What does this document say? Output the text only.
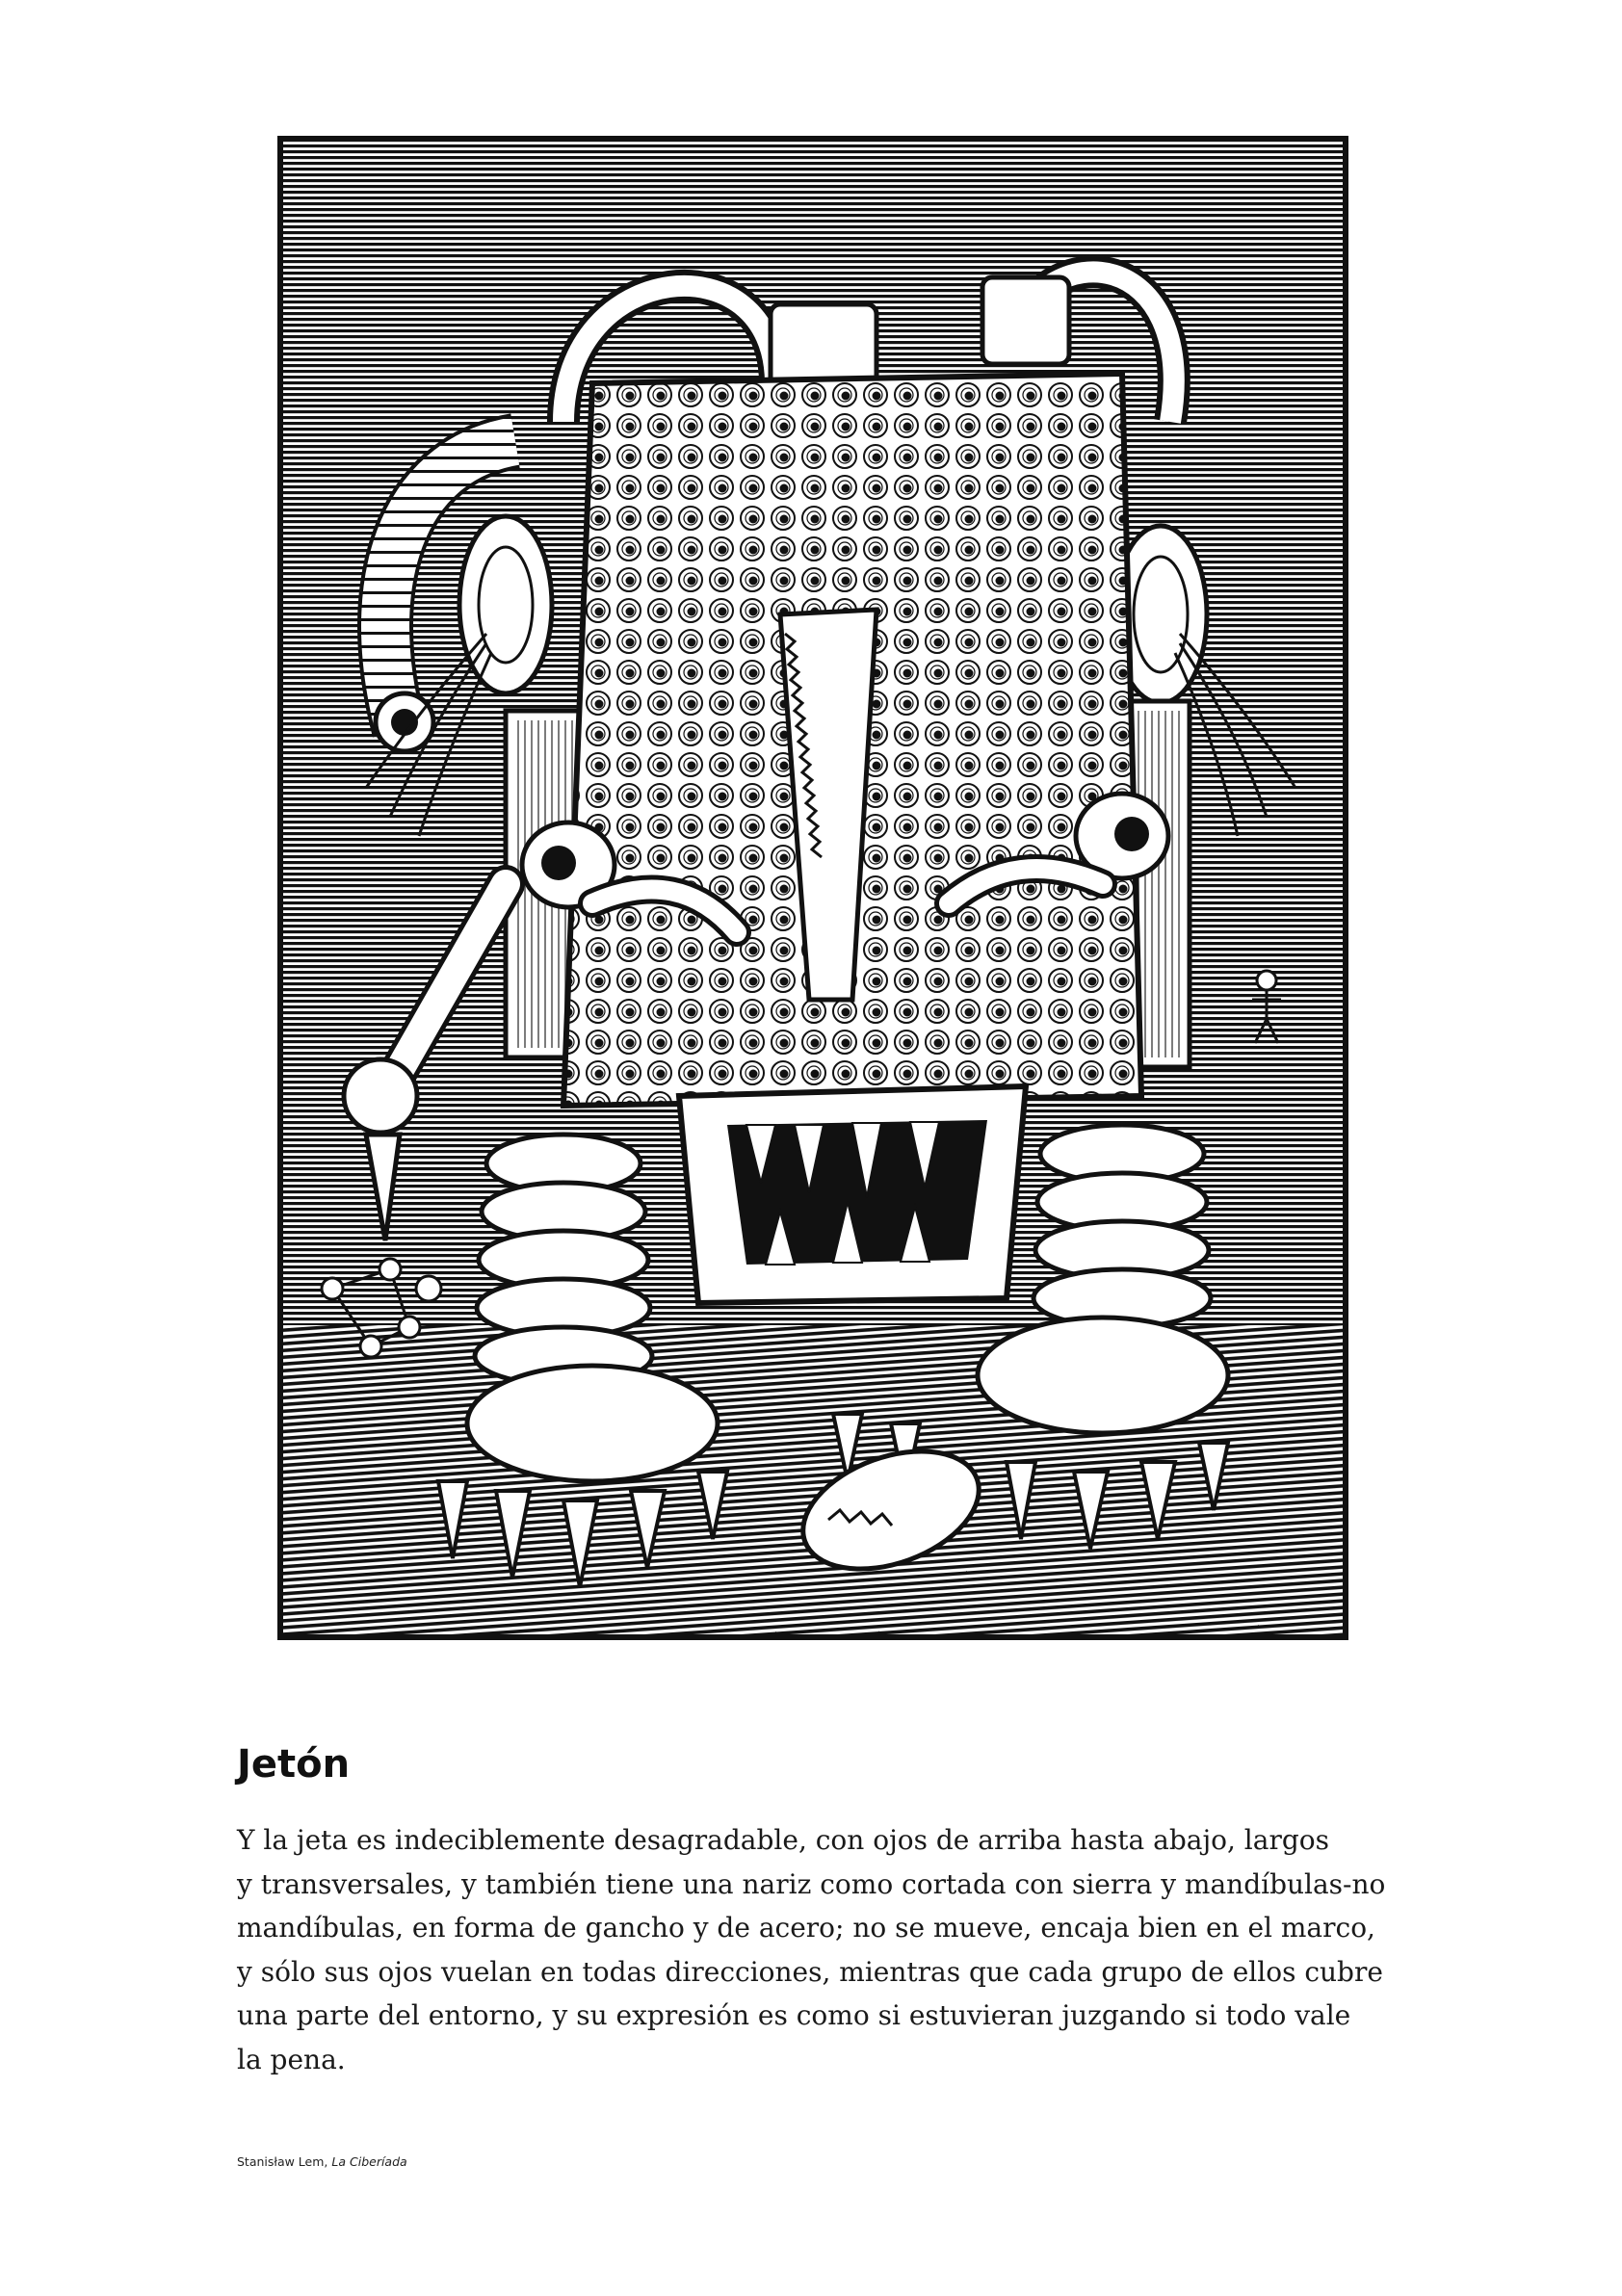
Jetón

Y la jeta es indeciblemente desagradable, con ojos de arriba hasta abajo, largos
y transversales, y también tiene una nariz como cortada con sierra y mandíbulas-no
mandíbulas, en forma de gancho y de acero; no se mueve, encaja bien en el marco,
y sólo sus ojos vuelan en todas direcciones, mientras que cada grupo de ellos cubre
una parte del entorno, y su expresión es como si estuvieran juzgando si todo vale
la pena.

Stanisław Lem, La Ciberíada
